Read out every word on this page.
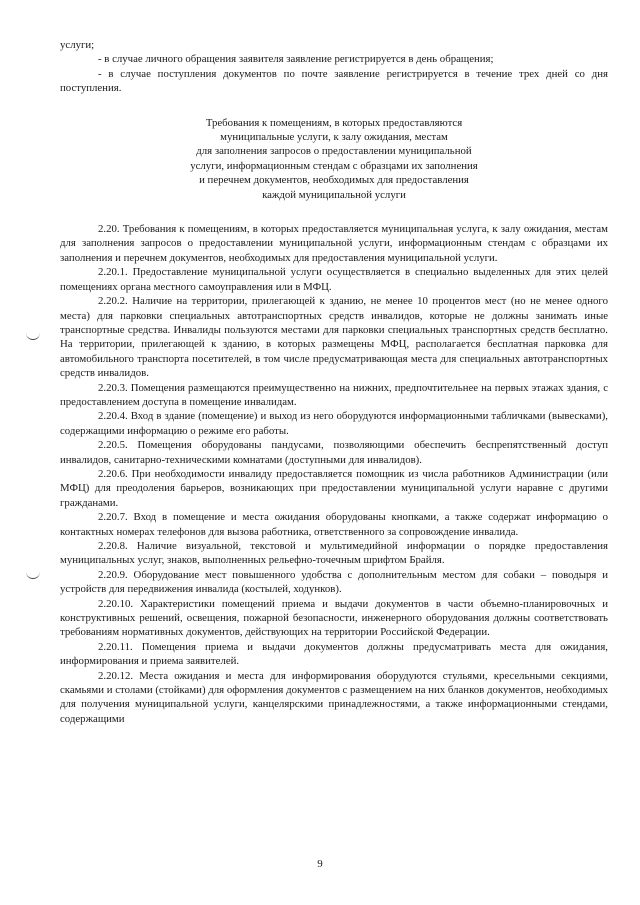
услуги;

- в случае личного обращения заявителя заявление регистрируется в день обращения;

- в случае поступления документов по почте заявление регистрируется в течение трех дней со дня поступления.

Требования к помещениям, в которых предоставляются
муниципальные услуги, к залу ожидания, местам
для заполнения запросов о предоставлении муниципальной
услуги, информационным стендам с образцами их заполнения
и перечнем документов, необходимых для предоставления
каждой муниципальной услуги

2.20. Требования к помещениям, в которых предоставляется муниципальная услуга, к залу ожидания, местам для заполнения запросов о предоставлении муниципальной услуги, информационным стендам с образцами их заполнения и перечнем документов, необходимых для предоставления муниципальной услуги.

2.20.1. Предоставление муниципальной услуги осуществляется в специально выделенных для этих целей помещениях органа местного самоуправления или в МФЦ.

2.20.2. Наличие на территории, прилегающей к зданию, не менее 10 процентов мест (но не менее одного места) для парковки специальных автотранспортных средств инвалидов, которые не должны занимать иные транспортные средства. Инвалиды пользуются местами для парковки специальных транспортных средств бесплатно. На территории, прилегающей к зданию, в которых размещены МФЦ, располагается бесплатная парковка для автомобильного транспорта посетителей, в том числе предусматривающая места для специальных автотранспортных средств инвалидов.

2.20.3. Помещения размещаются преимущественно на нижних, предпочтительнее на первых этажах здания, с предоставлением доступа в помещение инвалидам.

2.20.4. Вход в здание (помещение) и выход из него оборудуются информационными табличками (вывесками), содержащими информацию о режиме его работы.

2.20.5. Помещения оборудованы пандусами, позволяющими обеспечить беспрепятственный доступ инвалидов, санитарно-техническими комнатами (доступными для инвалидов).

2.20.6. При необходимости инвалиду предоставляется помощник из числа работников Администрации (или МФЦ) для преодоления барьеров, возникающих при предоставлении муниципальной услуги наравне с другими гражданами.

2.20.7. Вход в помещение и места ожидания оборудованы кнопками, а также содержат информацию о контактных номерах телефонов для вызова работника, ответственного за сопровождение инвалида.

2.20.8. Наличие визуальной, текстовой и мультимедийной информации о порядке предоставления муниципальных услуг, знаков, выполненных рельефно-точечным шрифтом Брайля.

2.20.9. Оборудование мест повышенного удобства с дополнительным местом для собаки – поводыря и устройств для передвижения инвалида (костылей, ходунков).

2.20.10. Характеристики помещений приема и выдачи документов в части объемно-планировочных и конструктивных решений, освещения, пожарной безопасности, инженерного оборудования должны соответствовать требованиям нормативных документов, действующих на территории Российской Федерации.

2.20.11. Помещения приема и выдачи документов должны предусматривать места для ожидания, информирования и приема заявителей.

2.20.12. Места ожидания и места для информирования оборудуются стульями, кресельными секциями, скамьями и столами (стойками) для оформления документов с размещением на них бланков документов, необходимых для получения муниципальной услуги, канцелярскими принадлежностями, а также информационными стендами, содержащими

9
